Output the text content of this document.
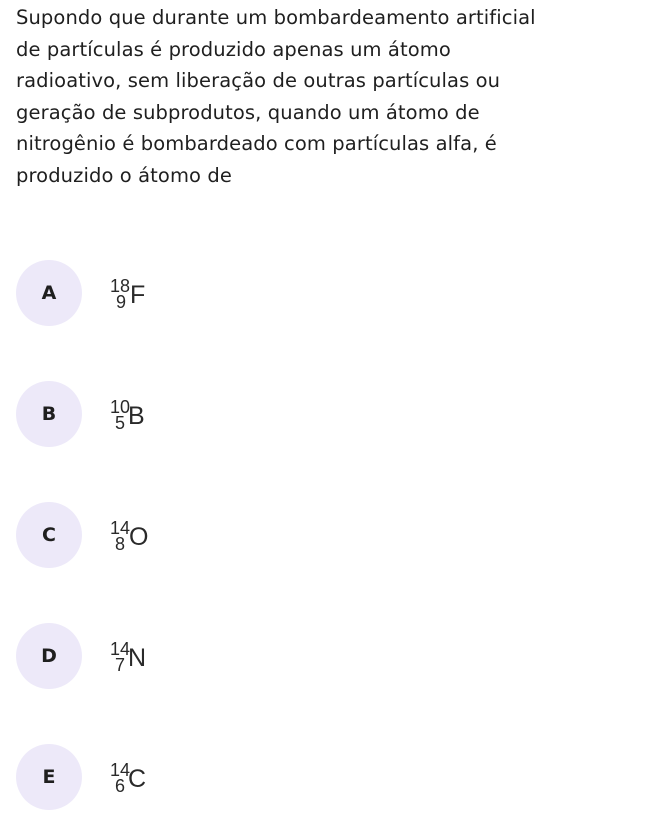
Supondo que durante um bombardeamento artificial
de partículas é produzido apenas um átomo
radioativo, sem liberação de outras partículas ou
geração de subprodutos, quando um átomo de
nitrogênio é bombardeado com partículas alfa, é
produzido o átomo de
A	18
9 F
B	10
5 B
C	14
8 O
D	14
7 N
E	14
6 C
